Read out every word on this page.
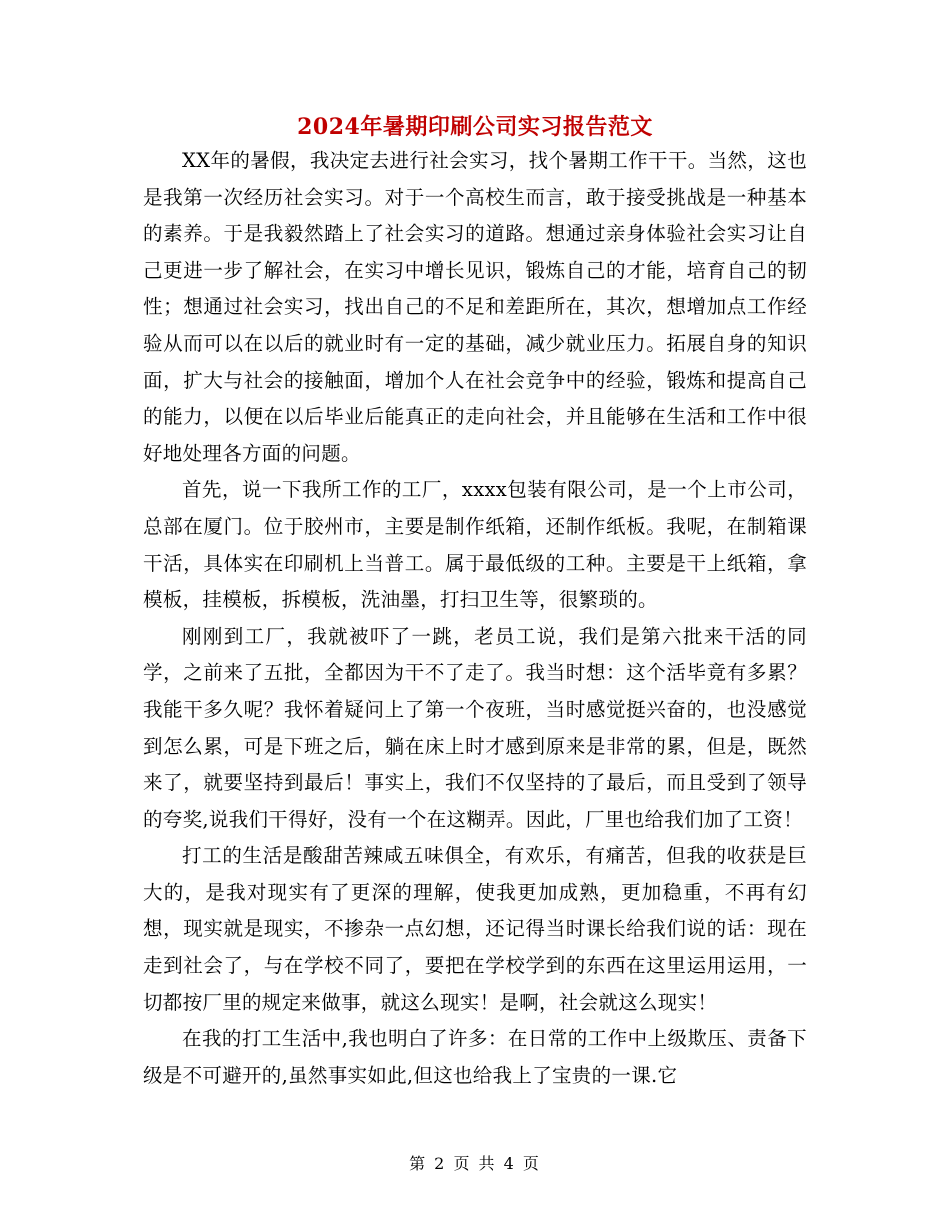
2024年暑期印刷公司实习报告范文

XX年的暑假，我决定去进行社会实习，找个暑期工作干干。当然，这也是我第一次经历社会实习。对于一个高校生而言，敢于接受挑战是一种基本的素养。于是我毅然踏上了社会实习的道路。想通过亲身体验社会实习让自己更进一步了解社会，在实习中增长见识，锻炼自己的才能，培育自己的韧性；想通过社会实习，找出自己的不足和差距所在，其次，想增加点工作经验从而可以在以后的就业时有一定的基础，减少就业压力。拓展自身的知识面，扩大与社会的接触面，增加个人在社会竞争中的经验，锻炼和提高自己的能力，以便在以后毕业后能真正的走向社会，并且能够在生活和工作中很好地处理各方面的问题。

首先，说一下我所工作的工厂，xxxx包装有限公司，是一个上市公司，总部在厦门。位于胶州市，主要是制作纸箱，还制作纸板。我呢，在制箱课干活，具体实在印刷机上当普工。属于最低级的工种。主要是干上纸箱，拿模板，挂模板，拆模板，洗油墨，打扫卫生等，很繁琐的。

刚刚到工厂，我就被吓了一跳，老员工说，我们是第六批来干活的同学，之前来了五批，全都因为干不了走了。我当时想：这个活毕竟有多累？我能干多久呢？我怀着疑问上了第一个夜班，当时感觉挺兴奋的，也没感觉到怎么累，可是下班之后，躺在床上时才感到原来是非常的累，但是，既然来了，就要坚持到最后！事实上，我们不仅坚持的了最后，而且受到了领导的夸奖,说我们干得好，没有一个在这糊弄。因此，厂里也给我们加了工资！

打工的生活是酸甜苦辣咸五味俱全，有欢乐，有痛苦，但我的收获是巨大的，是我对现实有了更深的理解，使我更加成熟，更加稳重，不再有幻想，现实就是现实，不掺杂一点幻想，还记得当时课长给我们说的话：现在走到社会了，与在学校不同了，要把在学校学到的东西在这里运用运用，一切都按厂里的规定来做事，就这么现实！是啊，社会就这么现实！

在我的打工生活中,我也明白了许多：在日常的工作中上级欺压、责备下级是不可避开的,虽然事实如此,但这也给我上了宝贵的一课.它

第 2 页 共 4 页
